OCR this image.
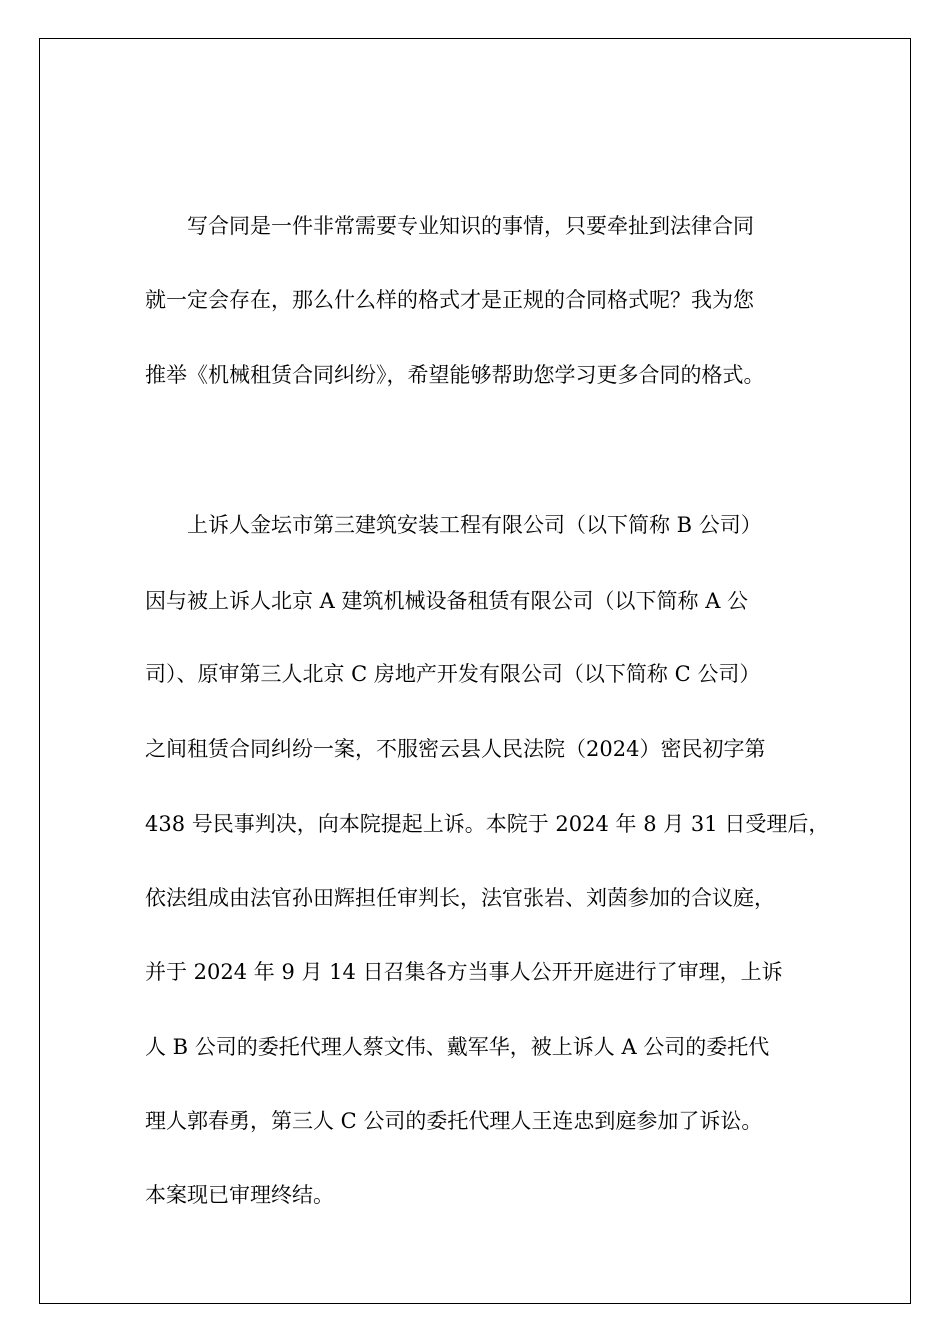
　　写合同是一件非常需要专业知识的事情，只要牵扯到法律合同
就一定会存在，那么什么样的格式才是正规的合同格式呢？我为您
推举《机械租赁合同纠纷》，希望能够帮助您学习更多合同的格式。
　　上诉人金坛市第三建筑安装工程有限公司（以下简称 B 公司）
因与被上诉人北京 A 建筑机械设备租赁有限公司（以下简称 A 公
司）、原审第三人北京 C 房地产开发有限公司（以下简称 C 公司）
之间租赁合同纠纷一案，不服密云县人民法院（2024）密民初字第
438 号民事判决，向本院提起上诉。本院于 2024 年 8 月 31 日受理后，
依法组成由法官孙田辉担任审判长，法官张岩、刘茵参加的合议庭，
并于 2024 年 9 月 14 日召集各方当事人公开开庭进行了审理，上诉
人 B 公司的委托代理人蔡文伟、戴军华，被上诉人 A 公司的委托代
理人郭春勇，第三人 C 公司的委托代理人王连忠到庭参加了诉讼。
本案现已审理终结。
